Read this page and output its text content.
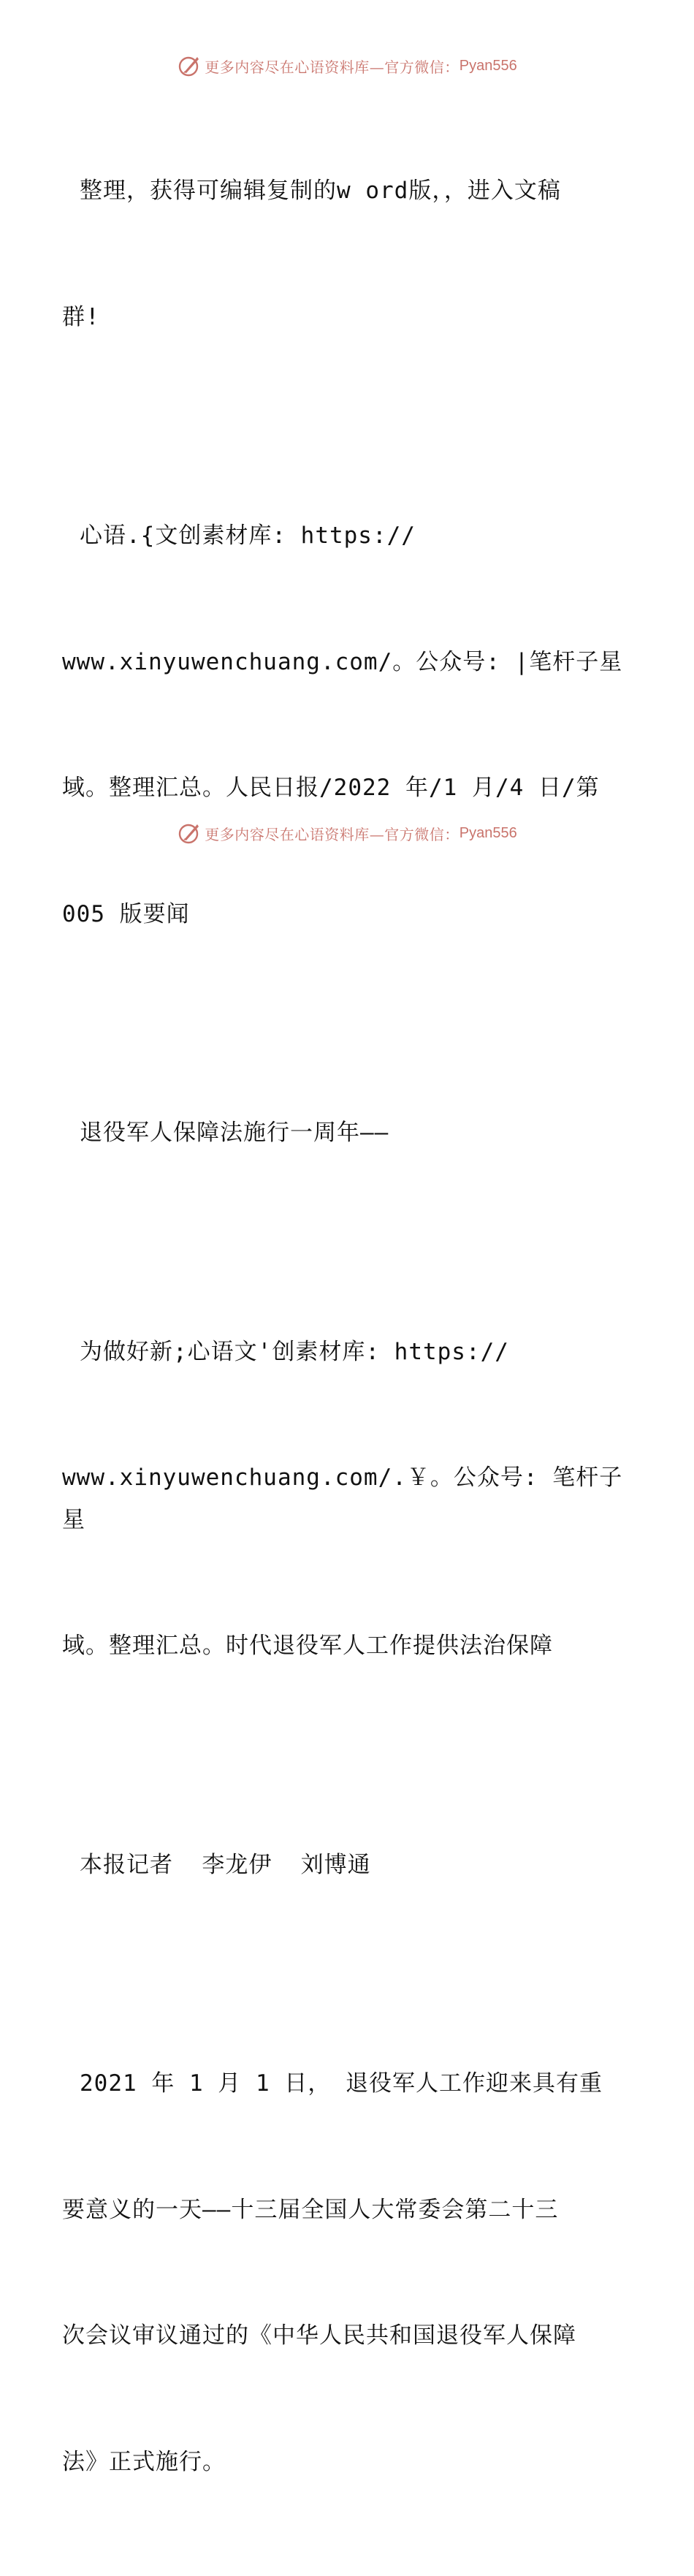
更多内容尽在心语资料库—官方微信： Pyan556

整理，获得可编辑复制的w ord版，，进入文稿

群!

心语.{文创素材库: https://

www.xinyuwenchuang.com/。公众号: |笔杆子星

域。整理汇总。人民日报/2022 年/1 月/4 日/第

005 版要闻

退役军人保障法施行一周年——

为做好新;心语文'创素材库: https://

www.xinyuwenchuang.com/.￥。公众号: 笔杆子星

域。整理汇总。时代退役军人工作提供法治保障

本报记者  李龙伊  刘博通

2021 年 1 月 1 日， 退役军人工作迎来具有重

要意义的一天——十三届全国人大常委会第二十三

次会议审议通过的《中华人民共和国退役军人保障

法》正式施行。

更多内容尽在心语资料库—官方微信： Pyan556
